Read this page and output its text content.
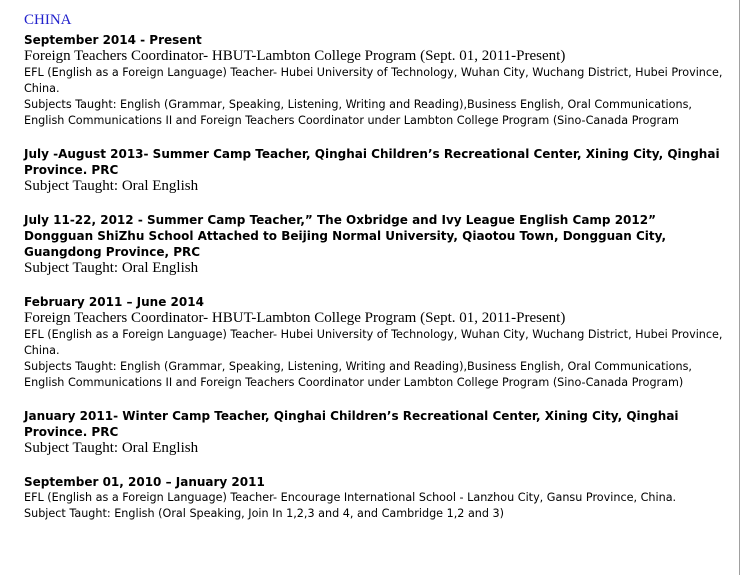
CHINA

September 2014 - Present

Foreign Teachers Coordinator- HBUT-Lambton College Program (Sept. 01, 2011-Present)

EFL (English as a Foreign Language) Teacher- Hubei University of Technology, Wuhan City, Wuchang District, Hubei Province, China.

Subjects Taught: English (Grammar, Speaking, Listening, Writing and Reading),Business English, Oral Communications, English Communications II and Foreign Teachers Coordinator under Lambton College Program (Sino-Canada Program

July -August 2013- Summer Camp Teacher, Qinghai Children’s Recreational Center, Xining City, Qinghai Province. PRC

Subject Taught: Oral English

July 11-22, 2012 - Summer Camp Teacher,” The Oxbridge and Ivy League English Camp 2012” Dongguan ShiZhu School Attached to Beijing Normal University, Qiaotou Town, Dongguan City, Guangdong Province, PRC

Subject Taught: Oral English

February 2011 – June 2014

Foreign Teachers Coordinator- HBUT-Lambton College Program (Sept. 01, 2011-Present)

EFL (English as a Foreign Language) Teacher- Hubei University of Technology, Wuhan City, Wuchang District, Hubei Province, China.

Subjects Taught: English (Grammar, Speaking, Listening, Writing and Reading),Business English, Oral Communications, English Communications II and Foreign Teachers Coordinator under Lambton College Program (Sino-Canada Program)

January 2011- Winter Camp Teacher, Qinghai Children’s Recreational Center, Xining City, Qinghai Province. PRC

Subject Taught: Oral English

September 01, 2010 – January 2011

EFL (English as a Foreign Language) Teacher- Encourage International School - Lanzhou City, Gansu Province, China.

Subject Taught: English (Oral Speaking, Join In 1,2,3 and 4, and Cambridge 1,2 and 3)
